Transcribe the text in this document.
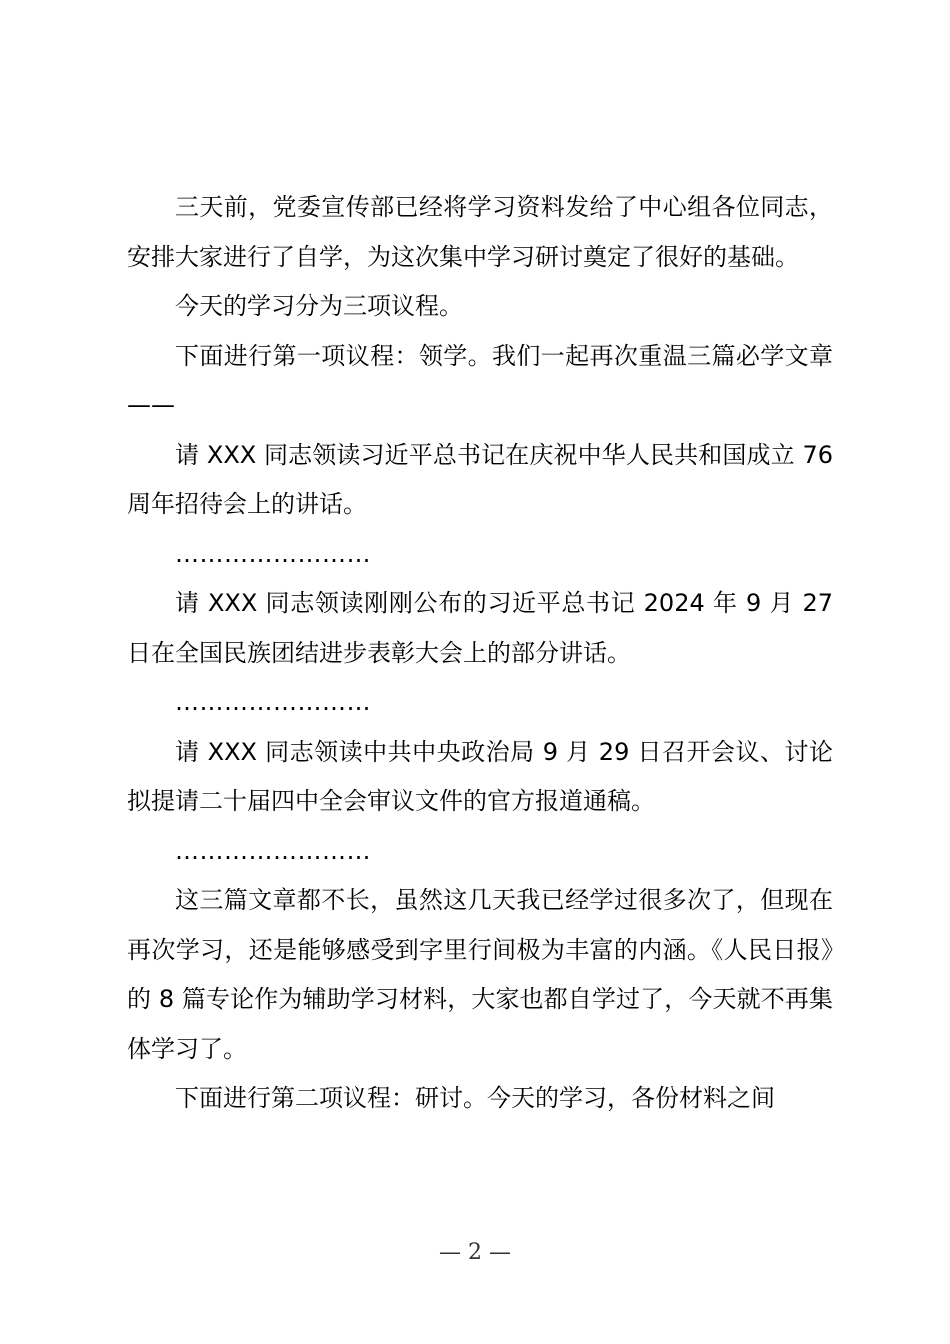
三天前，党委宣传部已经将学习资料发给了中心组各位同志，安排大家进行了自学，为这次集中学习研讨奠定了很好的基础。

今天的学习分为三项议程。

下面进行第一项议程：领学。我们一起再次重温三篇必学文章——

请 XXX 同志领读习近平总书记在庆祝中华人民共和国成立 76 周年招待会上的讲话。

……………………

请 XXX 同志领读刚刚公布的习近平总书记 2024 年 9 月 27 日在全国民族团结进步表彰大会上的部分讲话。

……………………

请 XXX 同志领读中共中央政治局 9 月 29 日召开会议、讨论拟提请二十届四中全会审议文件的官方报道通稿。

……………………

这三篇文章都不长，虽然这几天我已经学过很多次了，但现在再次学习，还是能够感受到字里行间极为丰富的内涵。《人民日报》的 8 篇专论作为辅助学习材料，大家也都自学过了，今天就不再集体学习了。

下面进行第二项议程：研讨。今天的学习，各份材料之间

— 2 —
